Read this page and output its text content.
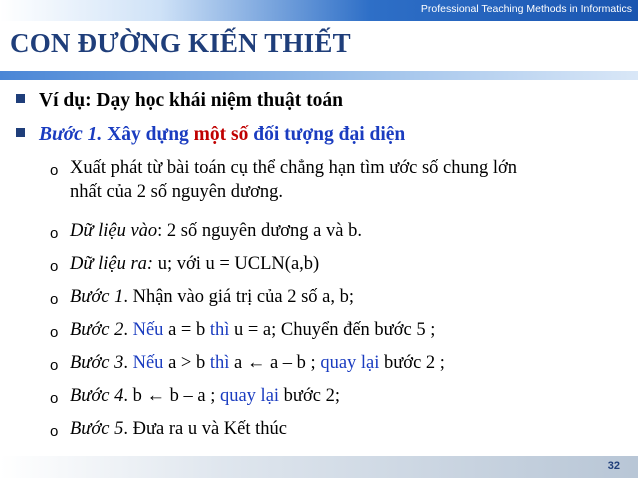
Professional Teaching Methods in Informatics
CON ĐƯỜNG KIẾN THIẾT
Ví dụ: Dạy học khái niệm thuật toán
Bước 1. Xây dựng một số đối tượng đại diện
o Xuất phát từ bài toán cụ thể chẳng hạn tìm ước số chung lớn
nhất của 2 số nguyên dương.
o Dữ liệu vào: 2 số nguyên dương a và b.
o Dữ liệu ra: u; với u = UCLN(a,b)
o Bước 1. Nhận vào giá trị của 2 số a, b;
o Bước 2. Nếu a = b thì u = a; Chuyển đến bước 5 ;
o Bước 3. Nếu a > b thì a ← a – b ; quay lại bước 2 ;
o Bước 4. b ← b – a ; quay lại bước 2;
o Bước 5. Đưa ra u và Kết thúc
32
